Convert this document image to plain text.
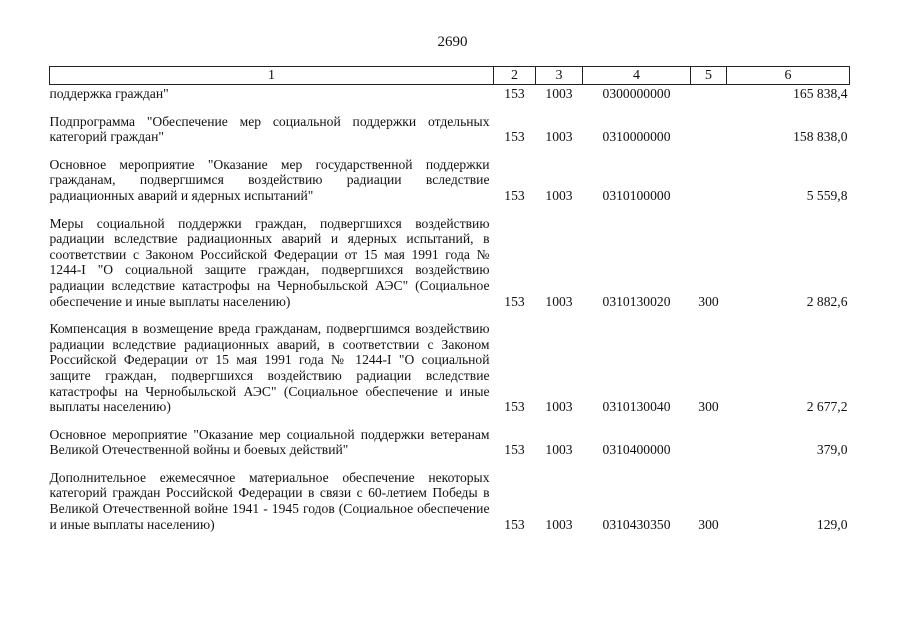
2690
1	2	3	4	5	6
поддержка граждан"	153	1003	0300000000		165 838,4
Подпрограмма "Обеспечение мер социальной поддержки отдельных категорий граждан"	153	1003	0310000000		158 838,0
Основное мероприятие "Оказание мер государственной поддержки гражданам, подвергшимся воздействию радиации вследствие радиационных аварий и ядерных испытаний"	153	1003	0310100000		5 559,8
Меры социальной поддержки граждан, подвергшихся воздействию радиации вследствие радиационных аварий и ядерных испытаний, в соответствии с Законом Российской Федерации от 15 мая 1991 года № 1244-I "О социальной защите граждан, подвергшихся воздействию радиации вследствие катастрофы на Чернобыльской АЭС" (Социальное обеспечение и иные выплаты населению)	153	1003	0310130020	300	2 882,6
Компенсация в возмещение вреда гражданам, подвергшимся воздействию радиации вследствие радиационных аварий, в соответствии с Законом Российской Федерации от 15 мая 1991 года № 1244-I "О социальной защите граждан, подвергшихся воздействию радиации вследствие катастрофы на Чернобыльской АЭС" (Социальное обеспечение и иные выплаты населению)	153	1003	0310130040	300	2 677,2
Основное мероприятие "Оказание мер социальной поддержки ветеранам Великой Отечественной войны и боевых действий"	153	1003	0310400000		379,0
Дополнительное ежемесячное материальное обеспечение некоторых категорий граждан Российской Федерации в связи с 60-летием Победы в Великой Отечественной войне 1941 - 1945 годов (Социальное обеспечение и иные выплаты населению)	153	1003	0310430350	300	129,0
